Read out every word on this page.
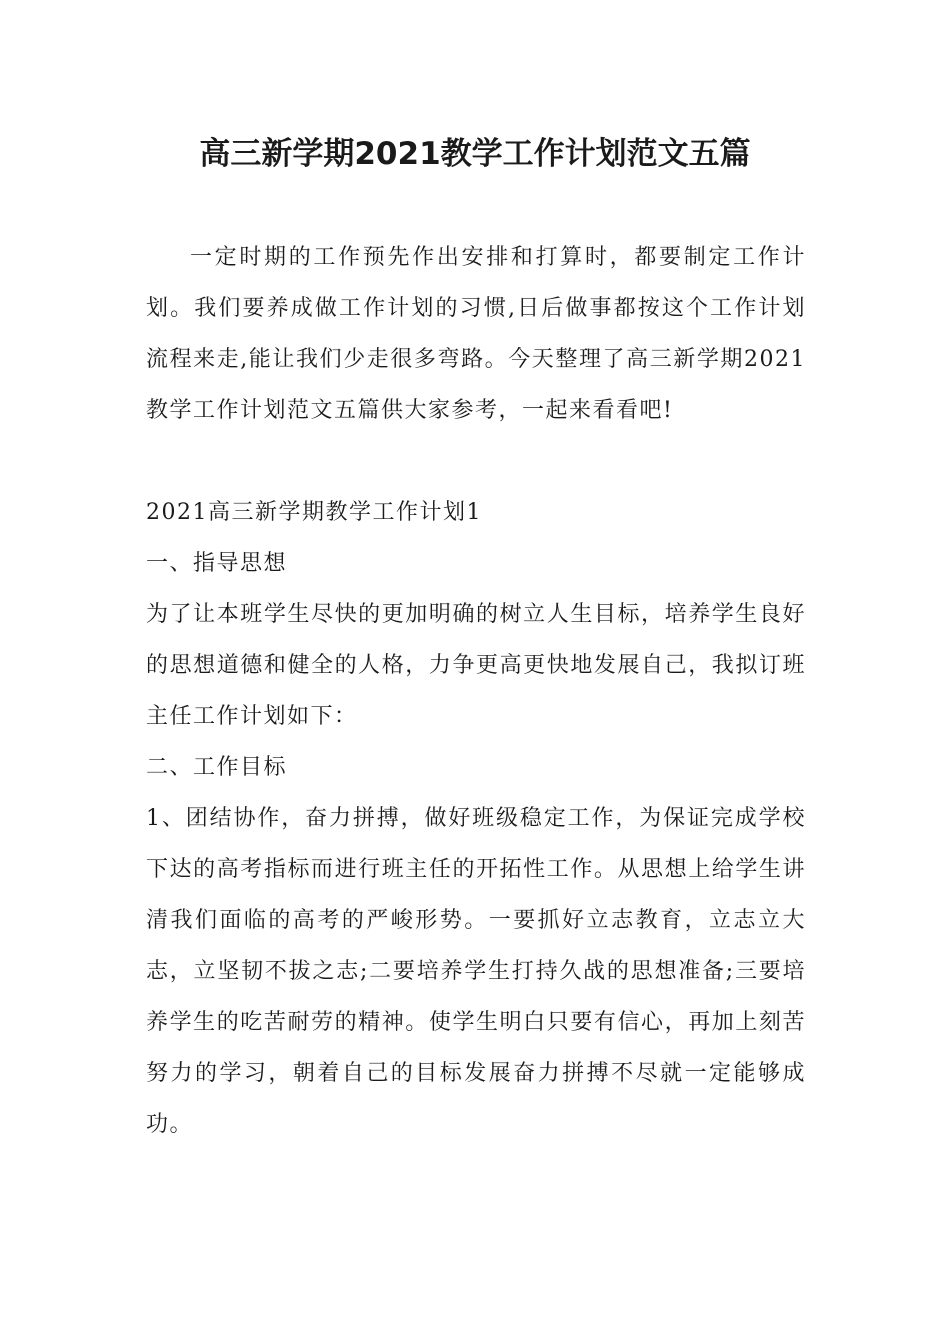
高三新学期2021教学工作计划范文五篇

一定时期的工作预先作出安排和打算时，都要制定工作计划。我们要养成做工作计划的习惯,日后做事都按这个工作计划流程来走,能让我们少走很多弯路。今天整理了高三新学期2021教学工作计划范文五篇供大家参考，一起来看看吧!

2021高三新学期教学工作计划1

一、指导思想

为了让本班学生尽快的更加明确的树立人生目标，培养学生良好的思想道德和健全的人格，力争更高更快地发展自己，我拟订班主任工作计划如下：

二、工作目标

1、团结协作，奋力拼搏，做好班级稳定工作，为保证完成学校下达的高考指标而进行班主任的开拓性工作。从思想上给学生讲清我们面临的高考的严峻形势。一要抓好立志教育，立志立大志，立坚韧不拔之志;二要培养学生打持久战的思想准备;三要培养学生的吃苦耐劳的精神。使学生明白只要有信心，再加上刻苦努力的学习，朝着自己的目标发展奋力拼搏不尽就一定能够成功。
